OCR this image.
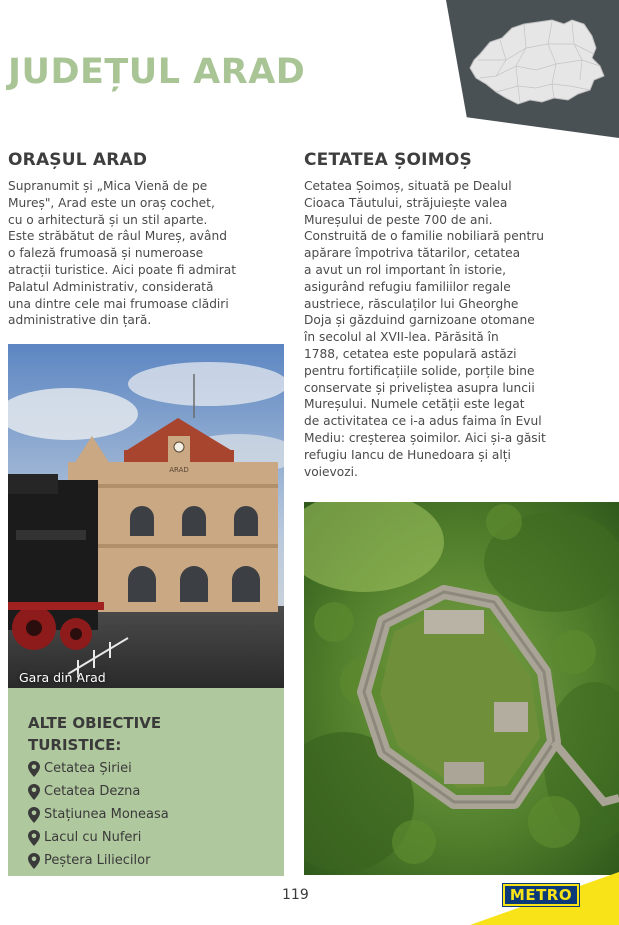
JUDEȚUL ARAD
ORAȘUL ARAD
Supranumit și „Mica Vienă de pe
Mureș", Arad este un oraș cochet,
cu o arhitectură și un stil aparte.
Este străbătut de râul Mureș, având
o faleză frumoasă și numeroase
atracții turistice. Aici poate fi admirat
Palatul Administrativ, considerată
una dintre cele mai frumoase clădiri
administrative din țară.
CETATEA ȘOIMOȘ
Cetatea Șoimoș, situată pe Dealul
Cioaca Tăutului, străjuiește valea
Mureșului de peste 700 de ani.
Construită de o familie nobiliară pentru
apărare împotriva tătarilor, cetatea
a avut un rol important în istorie,
asigurând refugiu familiilor regale
austriece, răsculaților lui Gheorghe
Doja și găzduind garnizoane otomane
în secolul al XVII-lea. Părăsită în
1788, cetatea este populară astăzi
pentru fortificațiile solide, porțile bine
conservate și priveliștea asupra luncii
Mureșului. Numele cetății este legat
de activitatea ce i-a adus faima în Evul
Mediu: creșterea șoimilor. Aici și-a găsit
refugiu Iancu de Hunedoara și alți
voievozi.
ARAD
Gara din Arad
ALTE OBIECTIVE TURISTICE:
Cetatea Șiriei
Cetatea Dezna
Stațiunea Moneasa
Lacul cu Nuferi
Peștera Liliecilor
119	METRO
